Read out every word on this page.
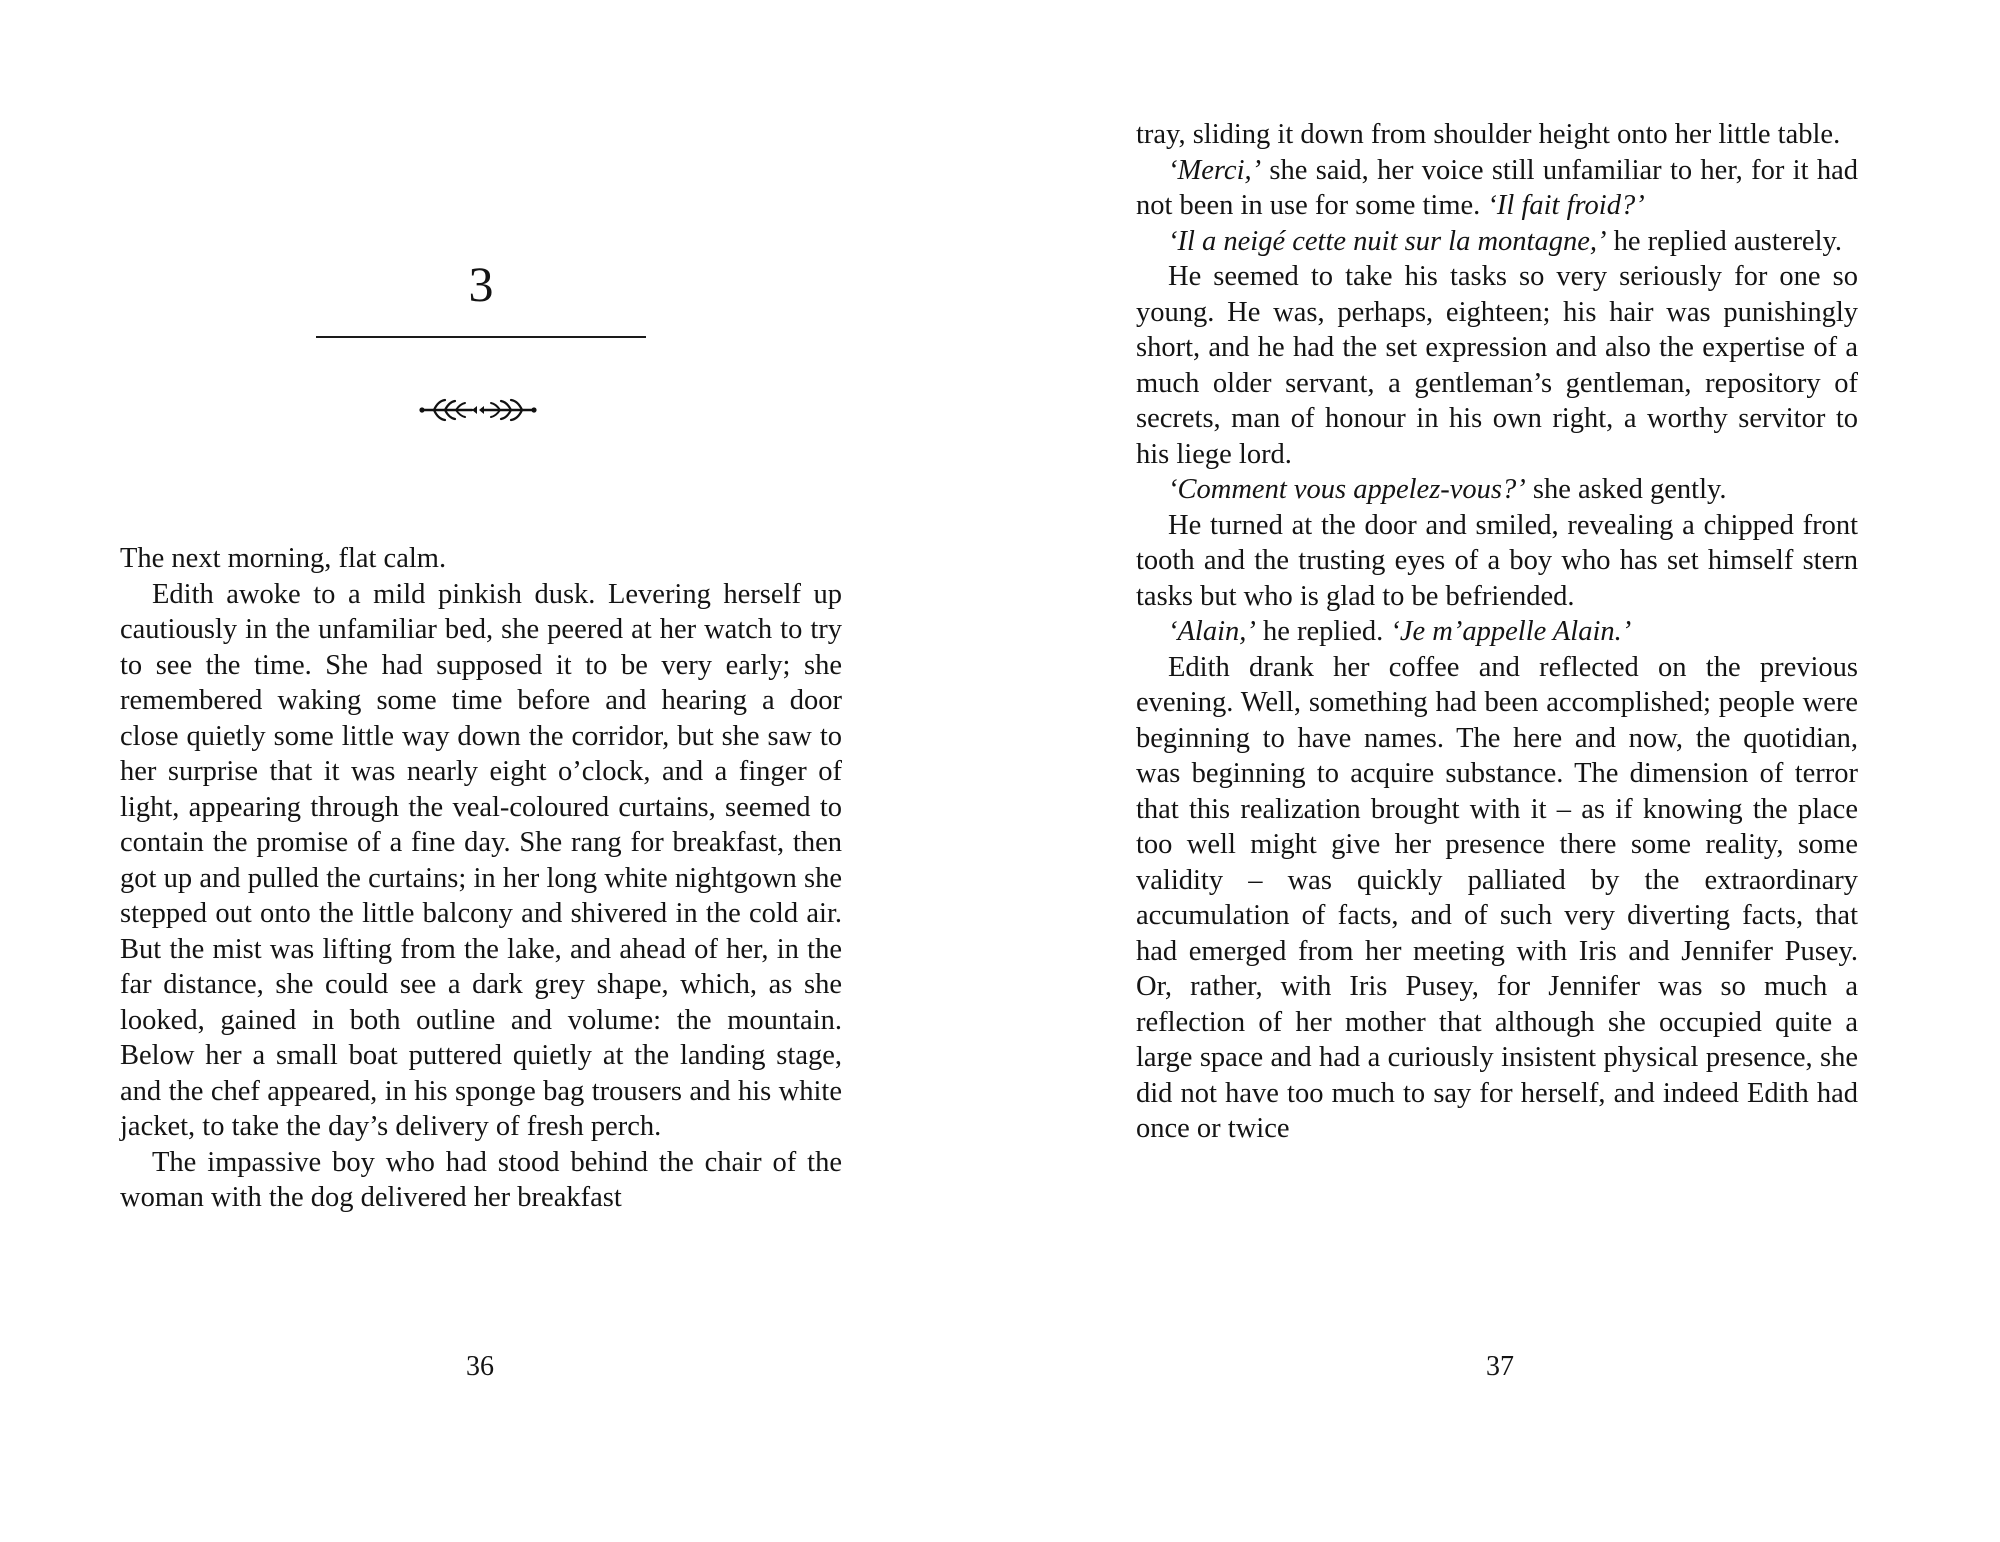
3

The next morning, flat calm.

Edith awoke to a mild pinkish dusk. Levering herself up cautiously in the unfamiliar bed, she peered at her watch to try to see the time. She had supposed it to be very early; she remembered waking some time before and hearing a door close quietly some little way down the corridor, but she saw to her surprise that it was nearly eight o’clock, and a finger of light, appearing through the veal-coloured curtains, seemed to contain the promise of a fine day. She rang for breakfast, then got up and pulled the curtains; in her long white nightgown she stepped out onto the little balcony and shivered in the cold air. But the mist was lifting from the lake, and ahead of her, in the far distance, she could see a dark grey shape, which, as she looked, gained in both outline and volume: the mountain. Below her a small boat puttered quietly at the landing stage, and the chef appeared, in his sponge bag trousers and his white jacket, to take the day’s delivery of fresh perch.

The impassive boy who had stood behind the chair of the woman with the dog delivered her breakfast

36

tray, sliding it down from shoulder height onto her little table.

‘Merci,’ she said, her voice still unfamiliar to her, for it had not been in use for some time. ‘Il fait froid?’

‘Il a neigé cette nuit sur la montagne,’ he replied austerely.

He seemed to take his tasks so very seriously for one so young. He was, perhaps, eighteen; his hair was punishingly short, and he had the set expression and also the expertise of a much older servant, a gentleman’s gentleman, repository of secrets, man of honour in his own right, a worthy servitor to his liege lord.

‘Comment vous appelez-vous?’ she asked gently.

He turned at the door and smiled, revealing a chipped front tooth and the trusting eyes of a boy who has set himself stern tasks but who is glad to be befriended.

‘Alain,’ he replied. ‘Je m’appelle Alain.’

Edith drank her coffee and reflected on the previous evening. Well, something had been accomplished; people were beginning to have names. The here and now, the quotidian, was beginning to acquire substance. The dimension of terror that this realization brought with it – as if knowing the place too well might give her presence there some reality, some validity – was quickly palliated by the extraordinary accumulation of facts, and of such very diverting facts, that had emerged from her meeting with Iris and Jennifer Pusey. Or, rather, with Iris Pusey, for Jennifer was so much a reflection of her mother that although she occupied quite a large space and had a curiously insistent physical presence, she did not have too much to say for herself, and indeed Edith had once or twice

37
